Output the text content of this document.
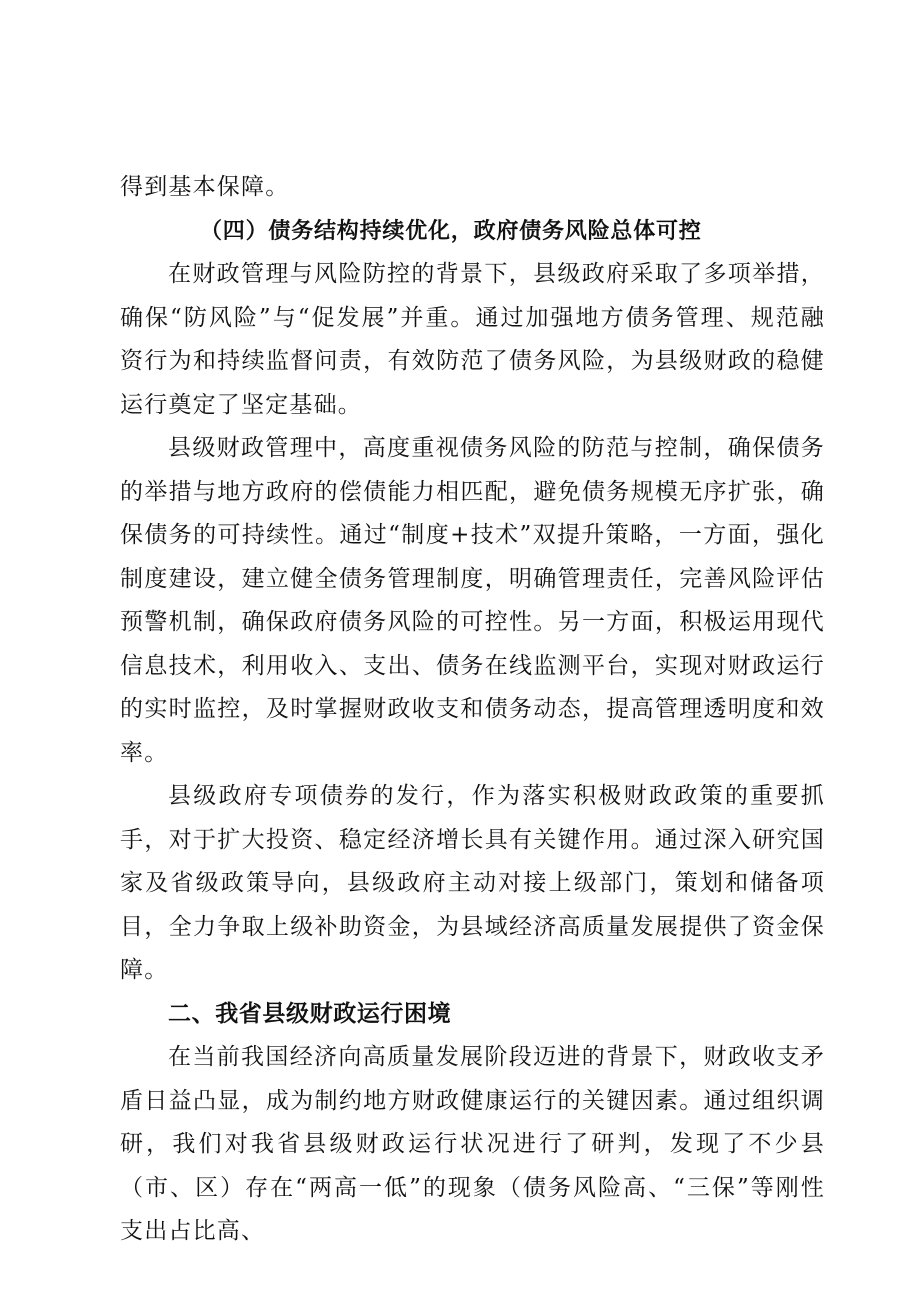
得到基本保障。

（四）债务结构持续优化，政府债务风险总体可控

在财政管理与风险防控的背景下，县级政府采取了多项举措，确保“防风险”与“促发展”并重。通过加强地方债务管理、规范融资行为和持续监督问责，有效防范了债务风险，为县级财政的稳健运行奠定了坚定基础。

县级财政管理中，高度重视债务风险的防范与控制，确保债务的举措与地方政府的偿债能力相匹配，避免债务规模无序扩张，确保债务的可持续性。通过“制度+技术”双提升策略，一方面，强化制度建设，建立健全债务管理制度，明确管理责任，完善风险评估预警机制，确保政府债务风险的可控性。另一方面，积极运用现代信息技术，利用收入、支出、债务在线监测平台，实现对财政运行的实时监控，及时掌握财政收支和债务动态，提高管理透明度和效率。

县级政府专项债券的发行，作为落实积极财政政策的重要抓手，对于扩大投资、稳定经济增长具有关键作用。通过深入研究国家及省级政策导向，县级政府主动对接上级部门，策划和储备项目，全力争取上级补助资金，为县域经济高质量发展提供了资金保障。

二、我省县级财政运行困境

在当前我国经济向高质量发展阶段迈进的背景下，财政收支矛盾日益凸显，成为制约地方财政健康运行的关键因素。通过组织调研，我们对我省县级财政运行状况进行了研判，发现了不少县（市、区）存在“两高一低”的现象（债务风险高、“三保”等刚性支出占比高、
